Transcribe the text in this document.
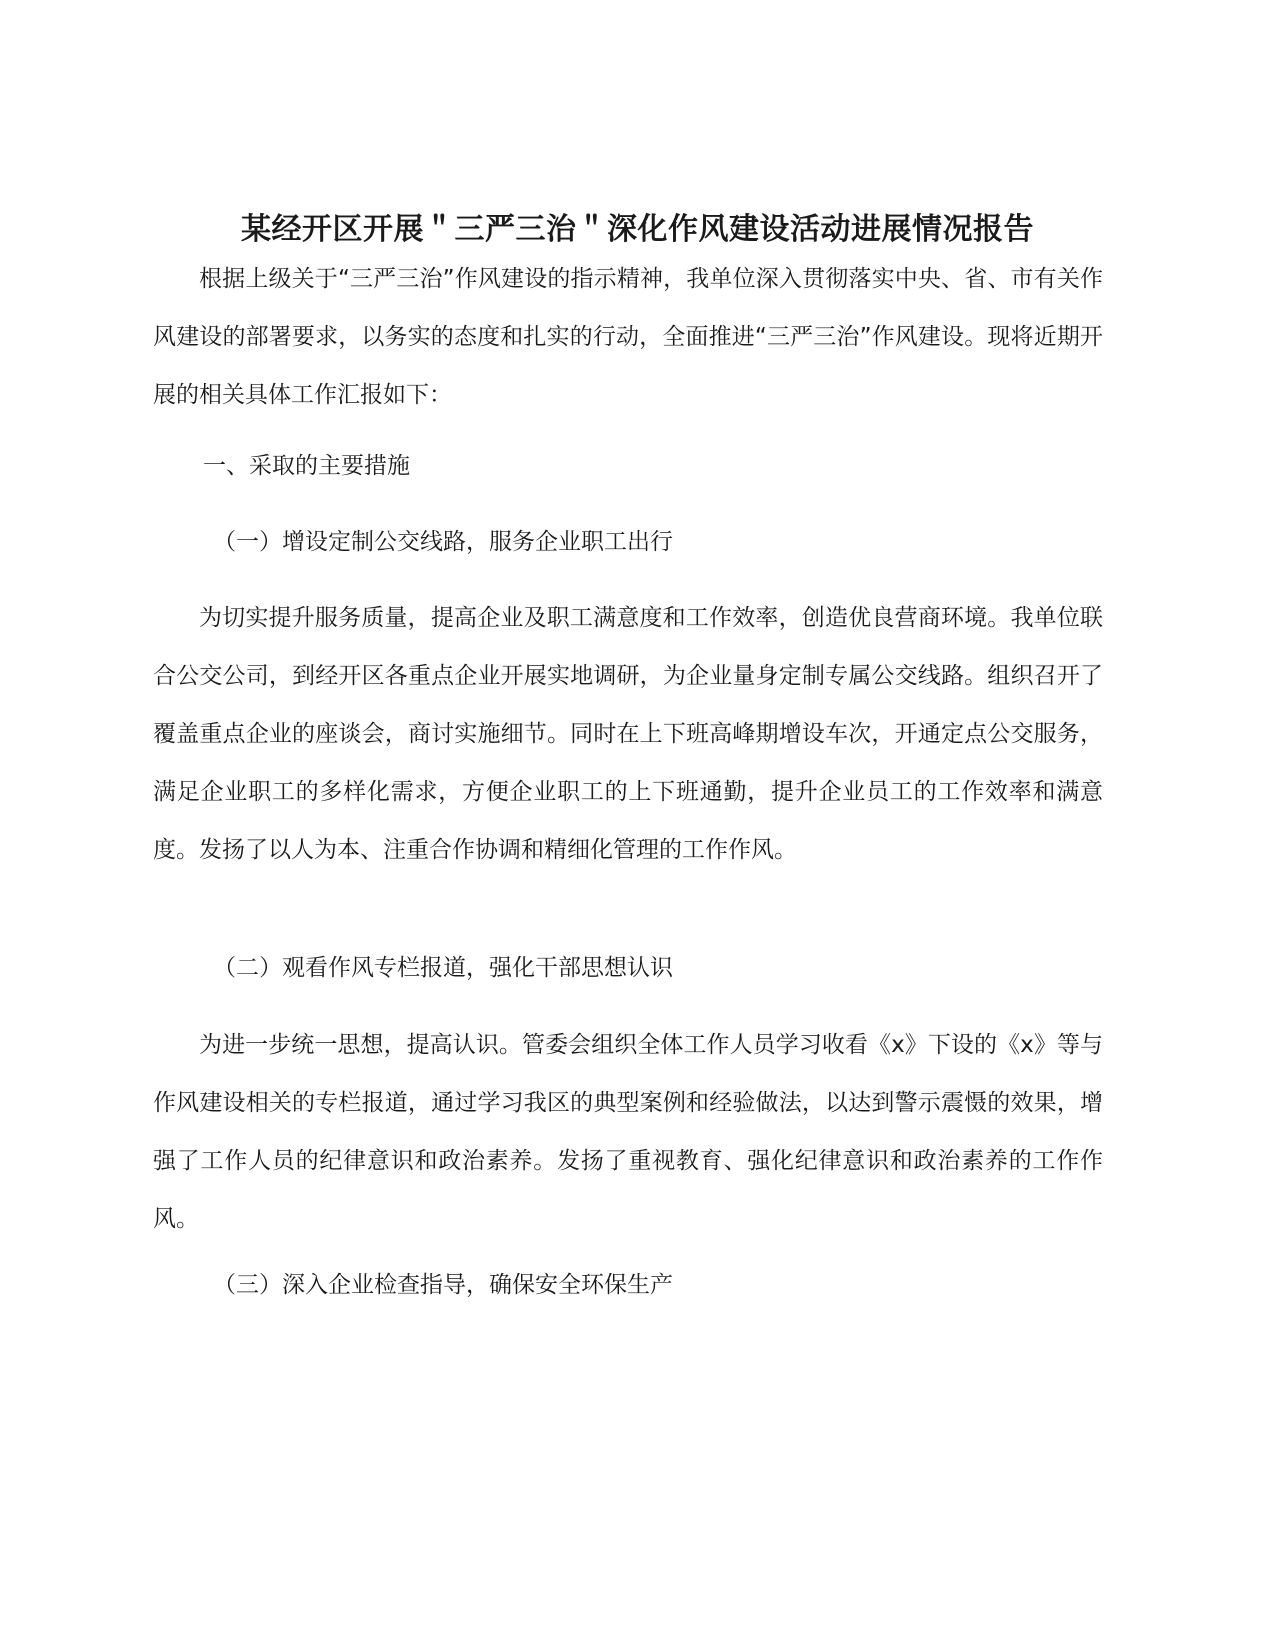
某经开区开展＂三严三治＂深化作风建设活动进展情况报告

根据上级关于“三严三治”作风建设的指示精神，我单位深入贯彻落实中央、省、市有关作风建设的部署要求，以务实的态度和扎实的行动，全面推进“三严三治”作风建设。现将近期开展的相关具体工作汇报如下：

一、采取的主要措施

（一）增设定制公交线路，服务企业职工出行

为切实提升服务质量，提高企业及职工满意度和工作效率，创造优良营商环境。我单位联合公交公司，到经开区各重点企业开展实地调研，为企业量身定制专属公交线路。组织召开了覆盖重点企业的座谈会，商讨实施细节。同时在上下班高峰期增设车次，开通定点公交服务，满足企业职工的多样化需求，方便企业职工的上下班通勤，提升企业员工的工作效率和满意度。发扬了以人为本、注重合作协调和精细化管理的工作作风。

（二）观看作风专栏报道，强化干部思想认识

为进一步统一思想，提高认识。管委会组织全体工作人员学习收看《x》下设的《x》等与作风建设相关的专栏报道，通过学习我区的典型案例和经验做法，以达到警示震慑的效果，增强了工作人员的纪律意识和政治素养。发扬了重视教育、强化纪律意识和政治素养的工作作风。

（三）深入企业检查指导，确保安全环保生产
